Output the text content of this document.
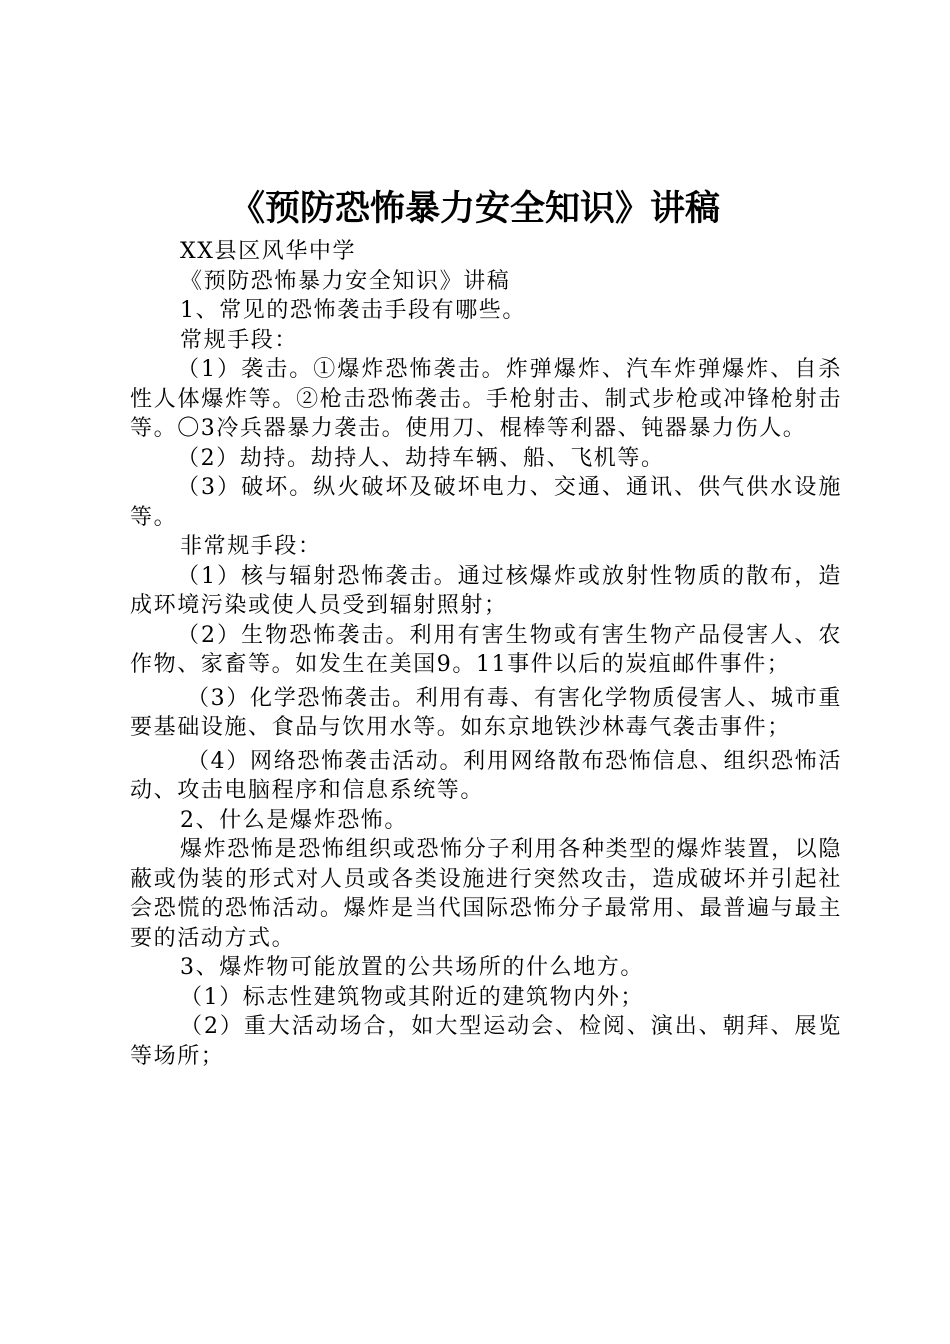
《预防恐怖暴力安全知识》讲稿

XX县区风华中学

《预防恐怖暴力安全知识》讲稿

1、常见的恐怖袭击手段有哪些。

常规手段：

（1）袭击。①爆炸恐怖袭击。炸弹爆炸、汽车炸弹爆炸、自杀性人体爆炸等。②枪击恐怖袭击。手枪射击、制式步枪或冲锋枪射击等。〇3冷兵器暴力袭击。使用刀、棍棒等利器、钝器暴力伤人。

（2）劫持。劫持人、劫持车辆、船、飞机等。

（3）破坏。纵火破坏及破坏电力、交通、通讯、供气供水设施等。

非常规手段：

（1）核与辐射恐怖袭击。通过核爆炸或放射性物质的散布，造成环境污染或使人员受到辐射照射；

（2）生物恐怖袭击。利用有害生物或有害生物产品侵害人、农作物、家畜等。如发生在美国9。11事件以后的炭疽邮件事件；

（3）化学恐怖袭击。利用有毒、有害化学物质侵害人、城市重要基础设施、食品与饮用水等。如东京地铁沙林毒气袭击事件；

（4）网络恐怖袭击活动。利用网络散布恐怖信息、组织恐怖活动、攻击电脑程序和信息系统等。

2、什么是爆炸恐怖。

爆炸恐怖是恐怖组织或恐怖分子利用各种类型的爆炸装置，以隐蔽或伪装的形式对人员或各类设施进行突然攻击，造成破坏并引起社会恐慌的恐怖活动。爆炸是当代国际恐怖分子最常用、最普遍与最主要的活动方式。

3、爆炸物可能放置的公共场所的什么地方。

（1）标志性建筑物或其附近的建筑物内外；

（2）重大活动场合，如大型运动会、检阅、演出、朝拜、展览等场所；
